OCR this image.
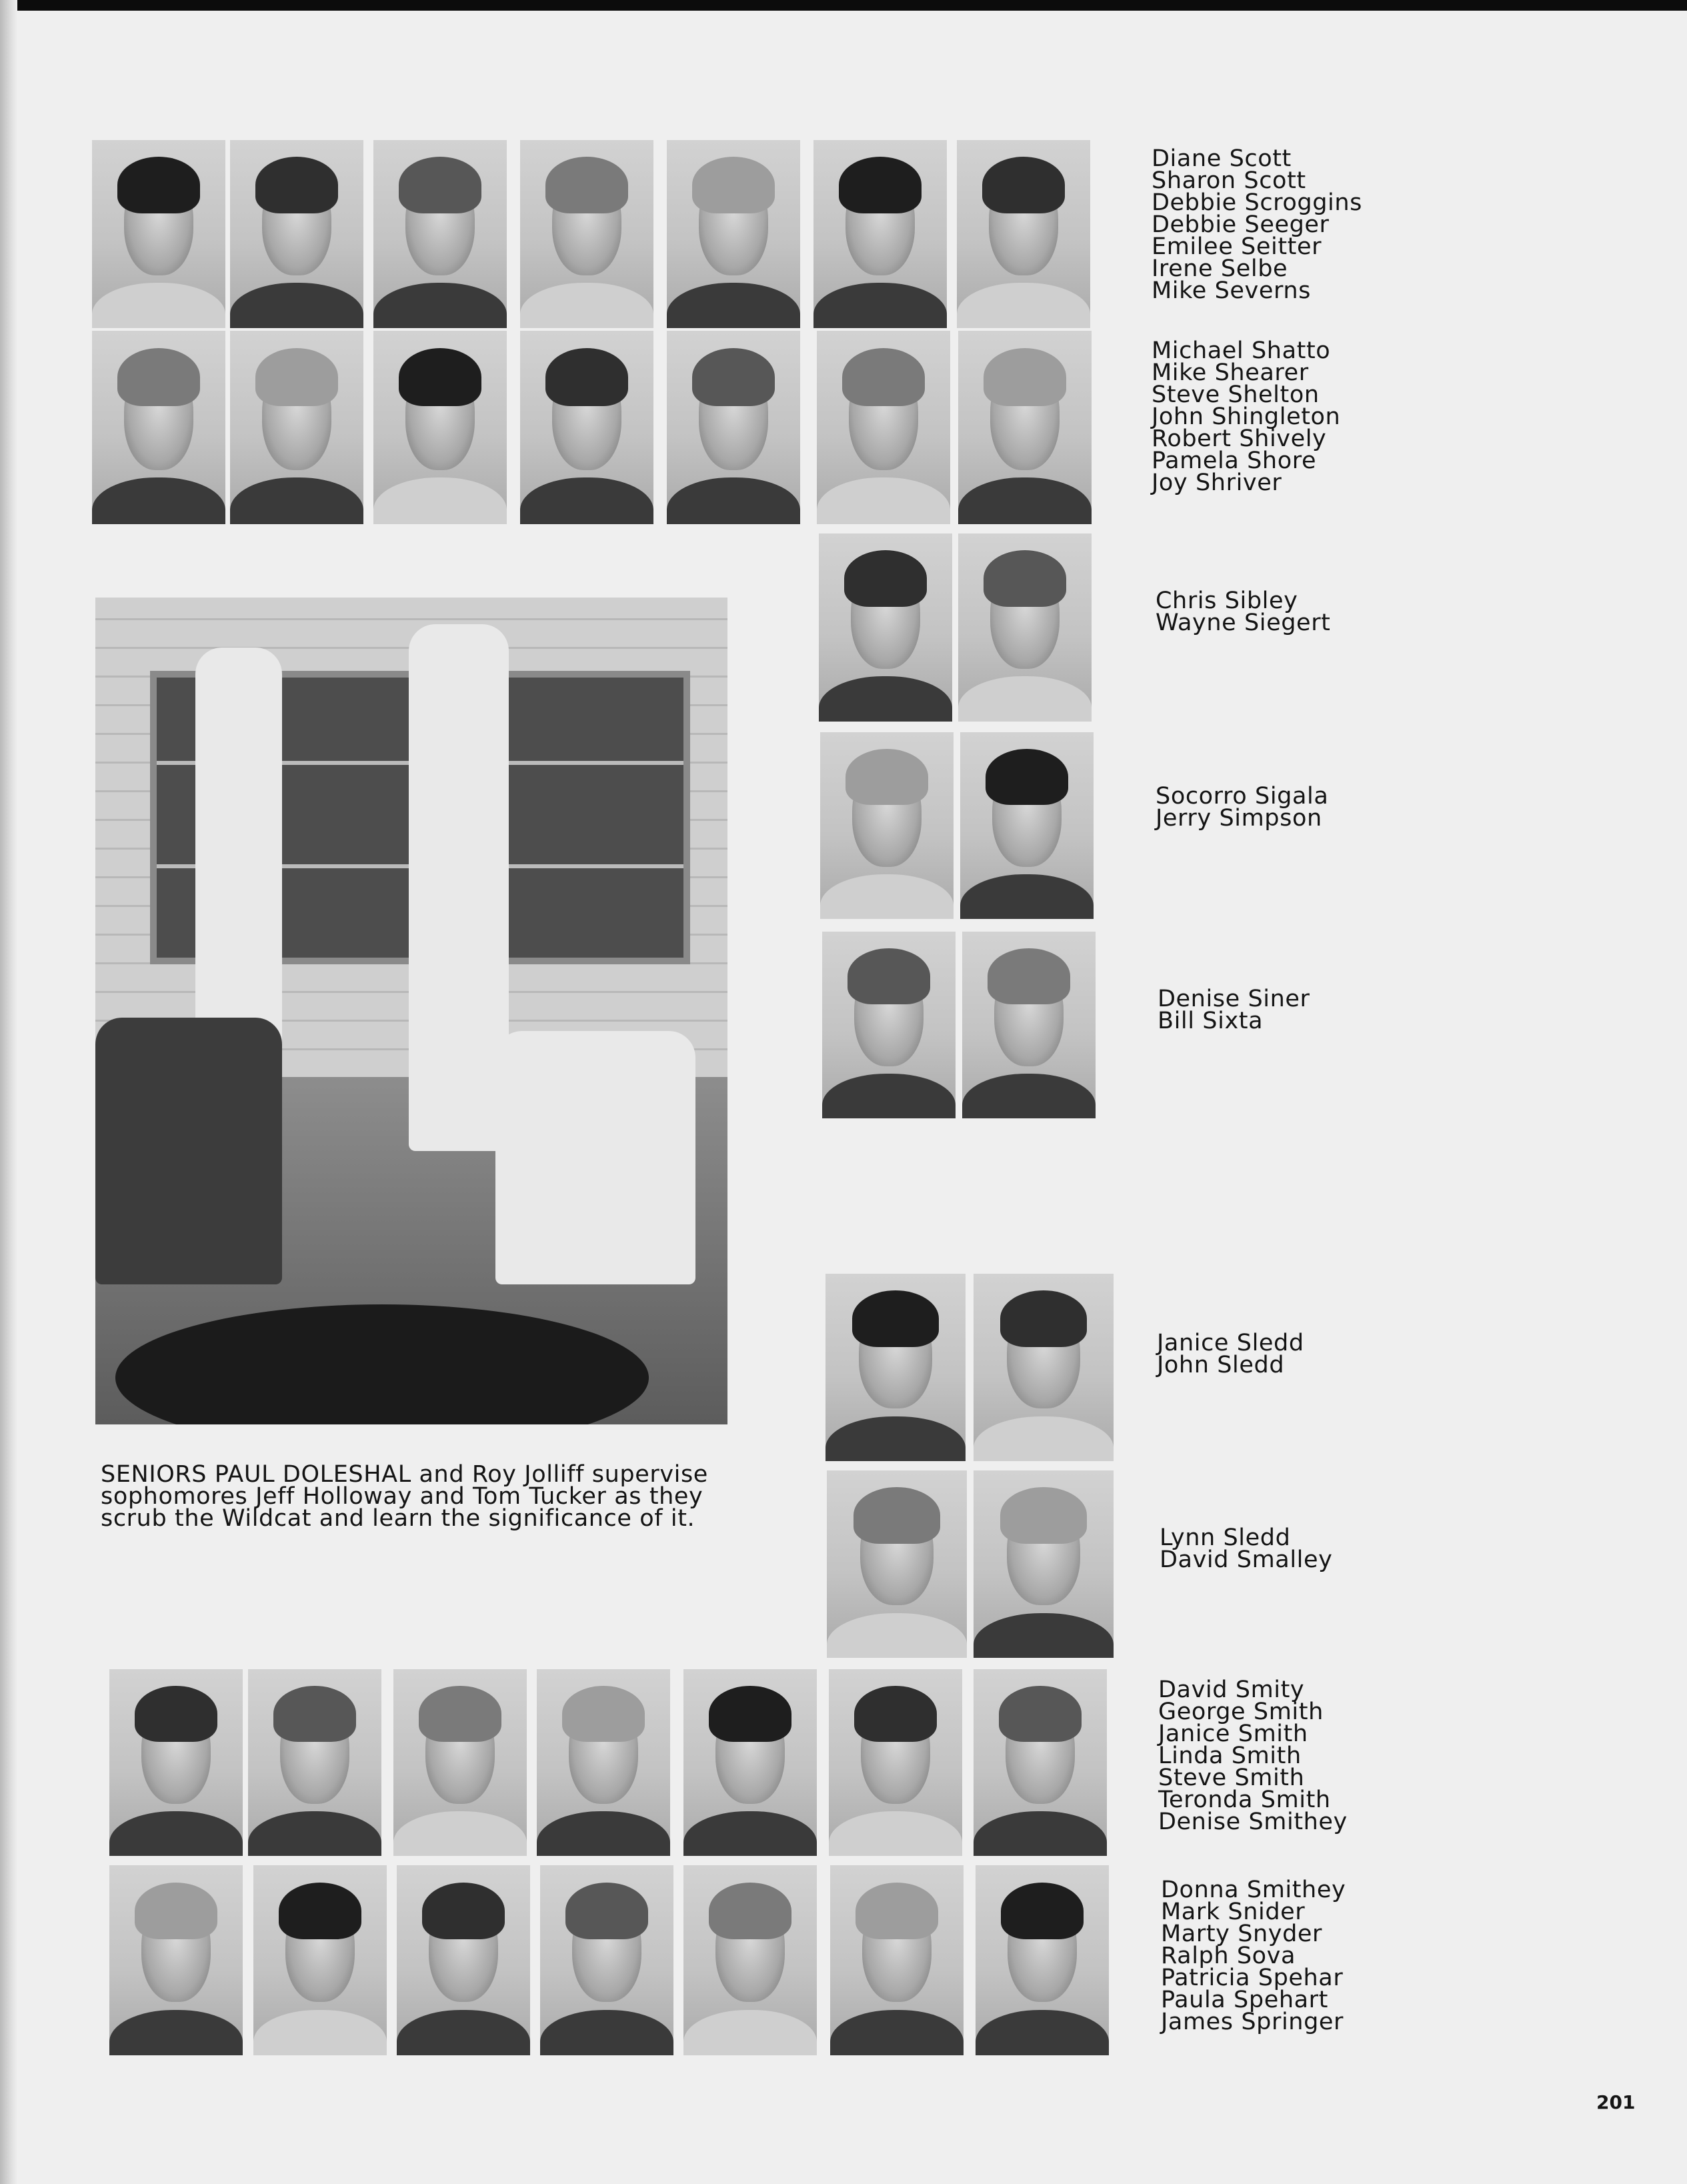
SENIORS PAUL DOLESHAL and Roy Jolliff supervise sophomores Jeff Holloway and Tom Tucker as they scrub the Wildcat and learn the significance of it.

Diane Scott
Sharon Scott
Debbie Scroggins
Debbie Seeger
Emilee Seitter
Irene Selbe
Mike Severns
Michael Shatto
Mike Shearer
Steve Shelton
John Shingleton
Robert Shively
Pamela Shore
Joy Shriver
Chris Sibley
Wayne Siegert
Socorro Sigala
Jerry Simpson
Denise Siner
Bill Sixta
Janice Sledd
John Sledd
Lynn Sledd
David Smalley
David Smity
George Smith
Janice Smith
Linda Smith
Steve Smith
Teronda Smith
Denise Smithey
Donna Smithey
Mark Snider
Marty Snyder
Ralph Sova
Patricia Spehar
Paula Spehart
James Springer
201
